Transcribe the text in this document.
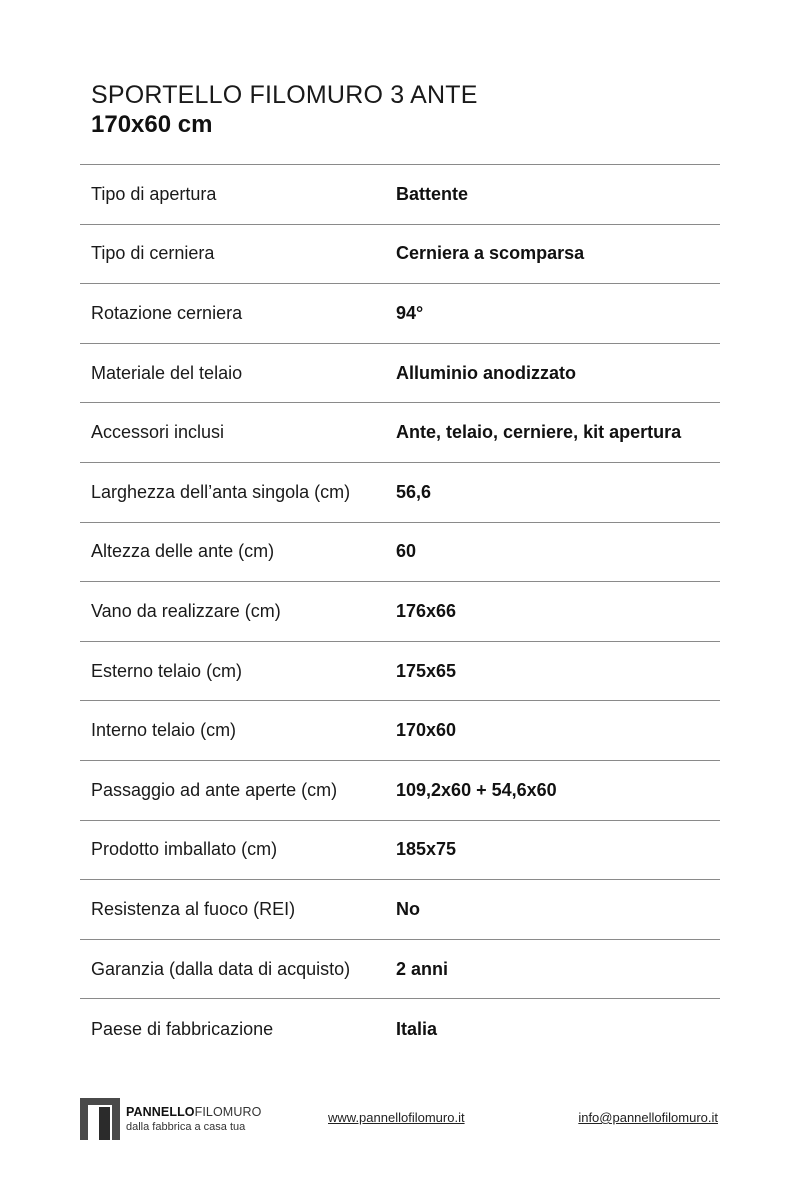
SPORTELLO FILOMURO 3 ANTE
170x60 cm
Tipo di apertura	Battente
Tipo di cerniera	Cerniera a scomparsa
Rotazione cerniera	94°
Materiale del telaio	Alluminio anodizzato
Accessori inclusi	Ante, telaio, cerniere, kit apertura
Larghezza dell’anta singola (cm)	56,6
Altezza delle ante (cm)	60
Vano da realizzare (cm)	176x66
Esterno telaio (cm)	175x65
Interno telaio (cm)	170x60
Passaggio ad ante aperte (cm)	109,2x60 + 54,6x60
Prodotto imballato (cm)	185x75
Resistenza al fuoco (REI)	No
Garanzia (dalla data di acquisto)	2 anni
Paese di fabbricazione	Italia
PANNELLOFILOMURO
dalla fabbrica a casa tua
www.pannellofilomuro.it	info@pannellofilomuro.it
